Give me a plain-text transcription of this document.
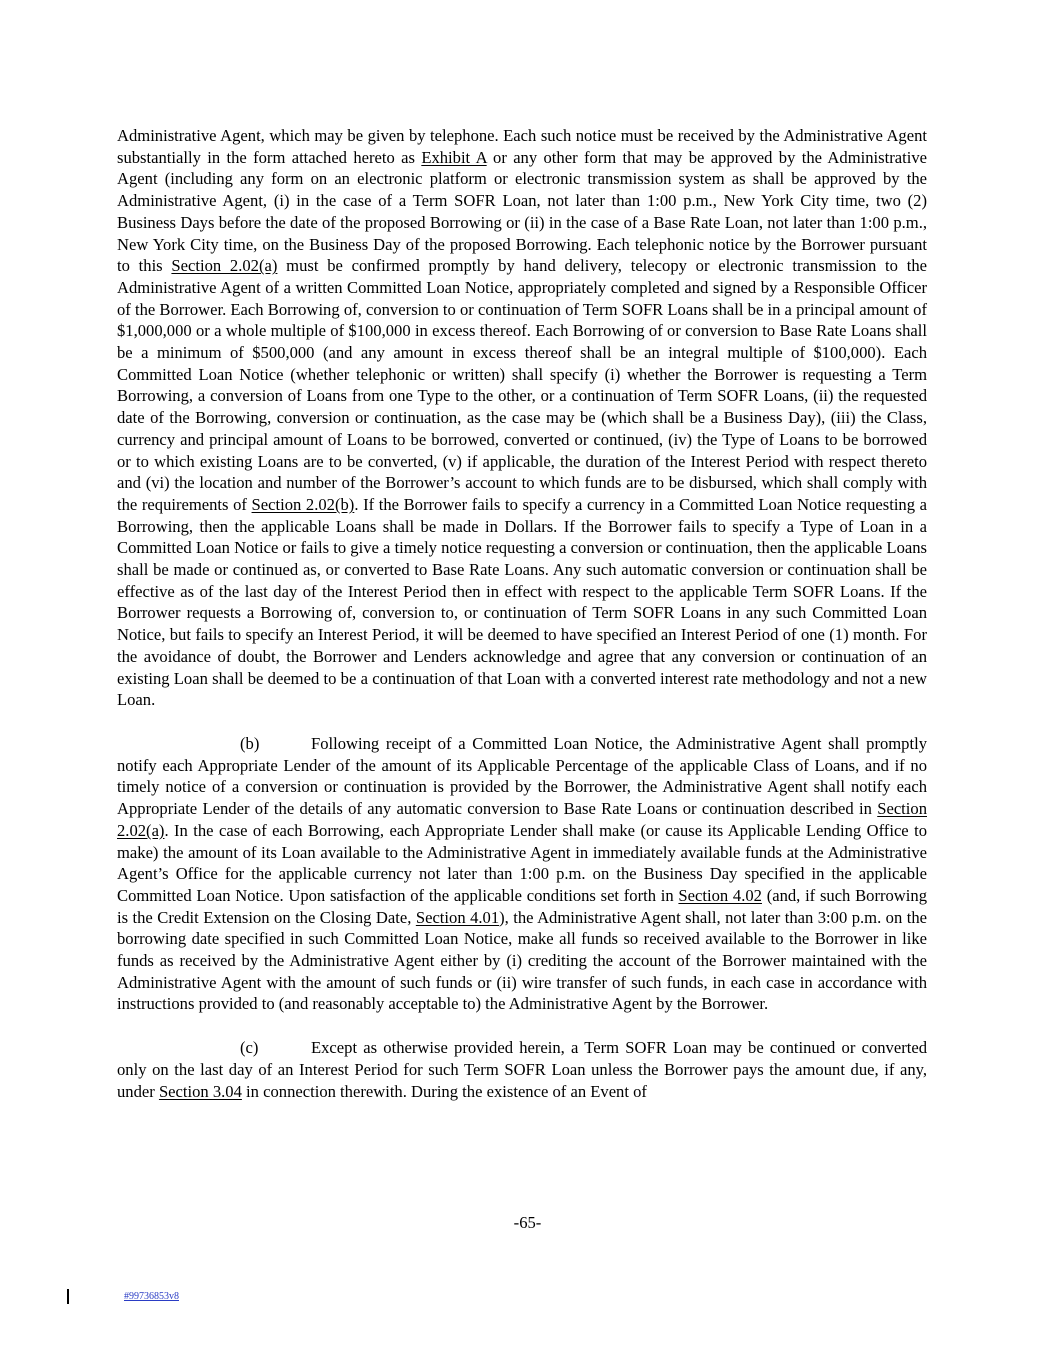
Administrative Agent, which may be given by telephone. Each such notice must be received by the Administrative Agent substantially in the form attached hereto as Exhibit A or any other form that may be approved by the Administrative Agent (including any form on an electronic platform or electronic transmission system as shall be approved by the Administrative Agent, (i) in the case of a Term SOFR Loan, not later than 1:00 p.m., New York City time, two (2) Business Days before the date of the proposed Borrowing or (ii) in the case of a Base Rate Loan, not later than 1:00 p.m., New York City time, on the Business Day of the proposed Borrowing. Each telephonic notice by the Borrower pursuant to this Section 2.02(a) must be confirmed promptly by hand delivery, telecopy or electronic transmission to the Administrative Agent of a written Committed Loan Notice, appropriately completed and signed by a Responsible Officer of the Borrower. Each Borrowing of, conversion to or continuation of Term SOFR Loans shall be in a principal amount of $1,000,000 or a whole multiple of $100,000 in excess thereof. Each Borrowing of or conversion to Base Rate Loans shall be a minimum of $500,000 (and any amount in excess thereof shall be an integral multiple of $100,000). Each Committed Loan Notice (whether telephonic or written) shall specify (i) whether the Borrower is requesting a Term Borrowing, a conversion of Loans from one Type to the other, or a continuation of Term SOFR Loans, (ii) the requested date of the Borrowing, conversion or continuation, as the case may be (which shall be a Business Day), (iii) the Class, currency and principal amount of Loans to be borrowed, converted or continued, (iv) the Type of Loans to be borrowed or to which existing Loans are to be converted, (v) if applicable, the duration of the Interest Period with respect thereto and (vi) the location and number of the Borrower’s account to which funds are to be disbursed, which shall comply with the requirements of Section 2.02(b). If the Borrower fails to specify a currency in a Committed Loan Notice requesting a Borrowing, then the applicable Loans shall be made in Dollars. If the Borrower fails to specify a Type of Loan in a Committed Loan Notice or fails to give a timely notice requesting a conversion or continuation, then the applicable Loans shall be made or continued as, or converted to Base Rate Loans. Any such automatic conversion or continuation shall be effective as of the last day of the Interest Period then in effect with respect to the applicable Term SOFR Loans. If the Borrower requests a Borrowing of, conversion to, or continuation of Term SOFR Loans in any such Committed Loan Notice, but fails to specify an Interest Period, it will be deemed to have specified an Interest Period of one (1) month. For the avoidance of doubt, the Borrower and Lenders acknowledge and agree that any conversion or continuation of an existing Loan shall be deemed to be a continuation of that Loan with a converted interest rate methodology and not a new Loan.

(b)	Following receipt of a Committed Loan Notice, the Administrative Agent shall promptly notify each Appropriate Lender of the amount of its Applicable Percentage of the applicable Class of Loans, and if no timely notice of a conversion or continuation is provided by the Borrower, the Administrative Agent shall notify each Appropriate Lender of the details of any automatic conversion to Base Rate Loans or continuation described in Section 2.02(a). In the case of each Borrowing, each Appropriate Lender shall make (or cause its Applicable Lending Office to make) the amount of its Loan available to the Administrative Agent in immediately available funds at the Administrative Agent’s Office for the applicable currency not later than 1:00 p.m. on the Business Day specified in the applicable Committed Loan Notice. Upon satisfaction of the applicable conditions set forth in Section 4.02 (and, if such Borrowing is the Credit Extension on the Closing Date, Section 4.01), the Administrative Agent shall, not later than 3:00 p.m. on the borrowing date specified in such Committed Loan Notice, make all funds so received available to the Borrower in like funds as received by the Administrative Agent either by (i) crediting the account of the Borrower maintained with the Administrative Agent with the amount of such funds or (ii) wire transfer of such funds, in each case in accordance with instructions provided to (and reasonably acceptable to) the Administrative Agent by the Borrower.

(c)	Except as otherwise provided herein, a Term SOFR Loan may be continued or converted only on the last day of an Interest Period for such Term SOFR Loan unless the Borrower pays the amount due, if any, under Section 3.04 in connection therewith. During the existence of an Event of

-65-
#99736853v8
